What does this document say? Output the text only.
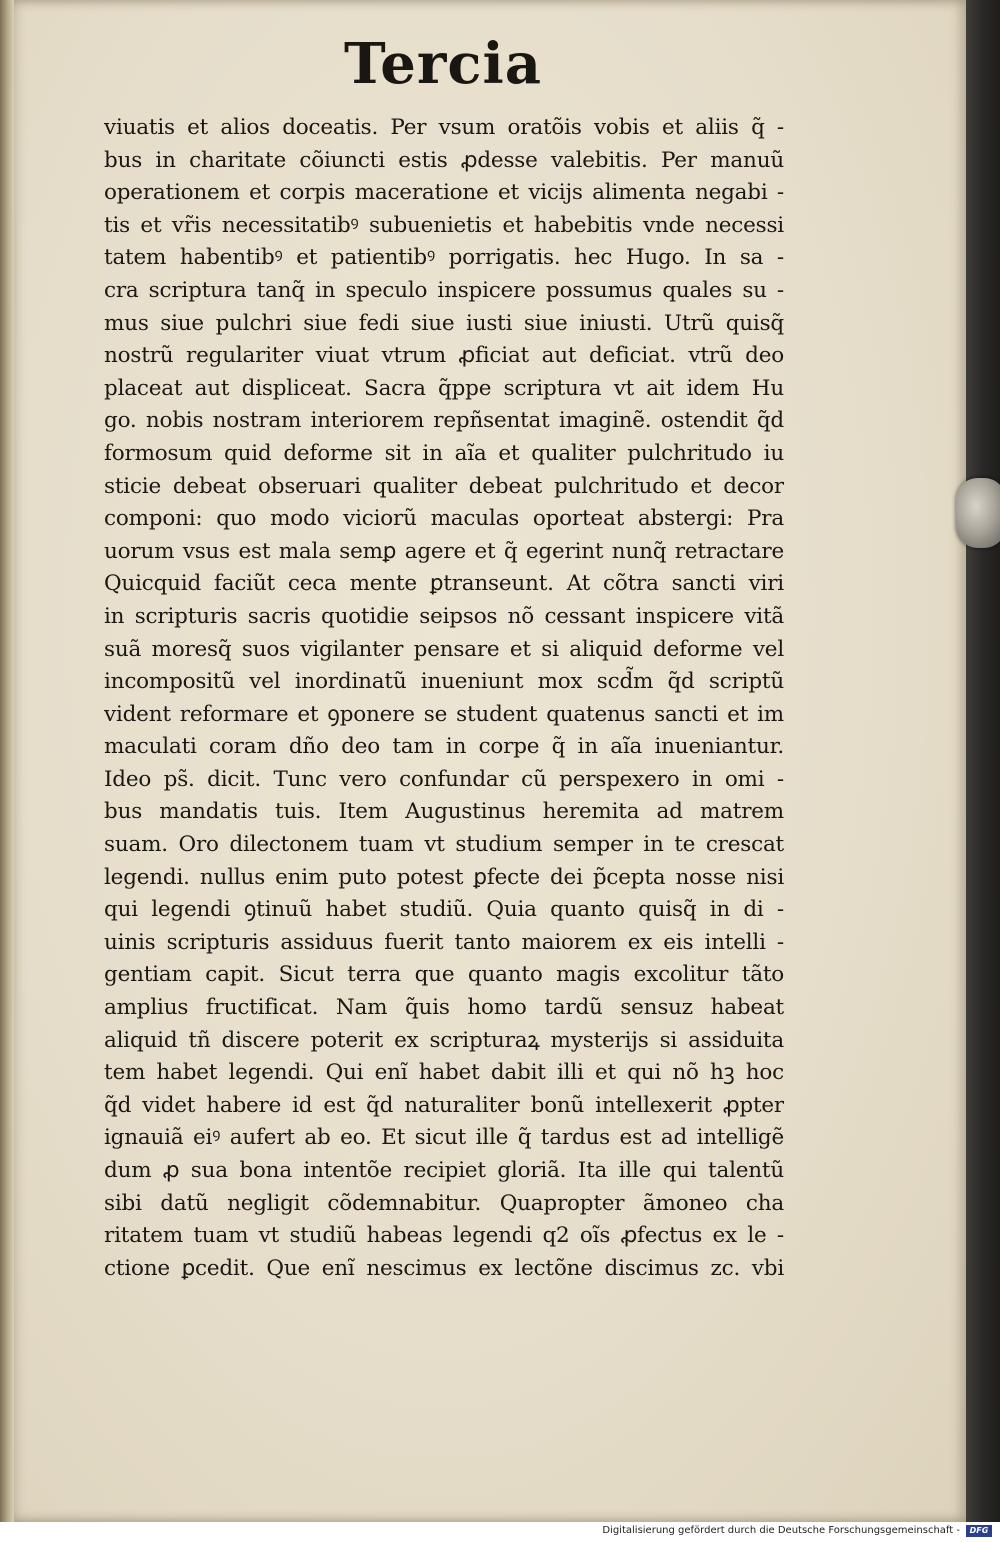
Tercia
viuatis et alios doceatis. Per vsum oratõis vobis et aliis q̃ -
bus in charitate cõiuncti estis ꝓdesse valebitis. Per manuũ
operationem et corpis maceratione et vicijs alimenta negabi -
tis et vr̃is necessitatibꝰ subuenietis et habebitis vnde necessi
tatem habentibꝰ et patientibꝰ porrigatis. hec Hugo. In sa -
cra scriptura tanq̃ in speculo inspicere possumus quales su -
mus siue pulchri siue fedi siue iusti siue iniusti. Utrũ quisq̃
nostrũ regulariter viuat vtrum ꝓficiat aut deficiat. vtrũ deo
placeat aut displiceat. Sacra q̃ppe scriptura vt ait idem Hu
go. nobis nostram interiorem repñsentat imaginẽ. ostendit q̃d
formosum quid deforme sit in aĩa et qualiter pulchritudo iu
sticie debeat obseruari qualiter debeat pulchritudo et decor
componi: quo modo viciorũ maculas oporteat abstergi: Pra
uorum vsus est mala semꝑ agere et q̃ egerint nunq̃ retractare
Quicquid faciũt ceca mente ꝑtranseunt. At cõtra sancti viri
in scripturis sacris quotidie seipsos nõ cessant inspicere vitã
suã moresq̃ suos vigilanter pensare et si aliquid deforme vel
incompositũ vel inordinatũ inueniunt mox scd̃m q̃d scriptũ
vident reformare et ꝯponere se student quatenus sancti et im
maculati coram dño deo tam in corpe q̃ in aĩa inueniantur.
Ideo ps̃. dicit. Tunc vero confundar cũ perspexero in omi -
bus mandatis tuis. Item Augustinus heremita ad matrem
suam. Oro dilectonem tuam vt studium semper in te crescat
legendi. nullus enim puto potest ꝑfecte dei p̃cepta nosse nisi
qui legendi ꝯtinuũ habet studiũ. Quia quanto quisq̃ in di -
uinis scripturis assiduus fuerit tanto maiorem ex eis intelli -
gentiam capit. Sicut terra que quanto magis excolitur tãto
amplius fructificat. Nam q̃uis homo tardũ sensuz habeat
aliquid tñ discere poterit ex scripturaꝝ mysterijs si assiduita
tem habet legendi. Qui enĩ habet dabit illi et qui nõ hꝫ hoc
q̃d videt habere id est q̃d naturaliter bonũ intellexerit ꝓpter
ignauiã eiꝰ aufert ab eo. Et sicut ille q̃ tardus est ad intelligẽ
dum ꝓ sua bona intentõe recipiet gloriã. Ita ille qui talentũ
sibi datũ negligit cõdemnabitur. Quapropter ãmoneo cha
ritatem tuam vt studiũ habeas legendi q2 oĩs ꝓfectus ex le -
ctione ꝑcedit. Que enĩ nescimus ex lectõne discimus zc. vbi
Digitalisierung gefördert durch die Deutsche Forschungsgemeinschaft -	DFG
